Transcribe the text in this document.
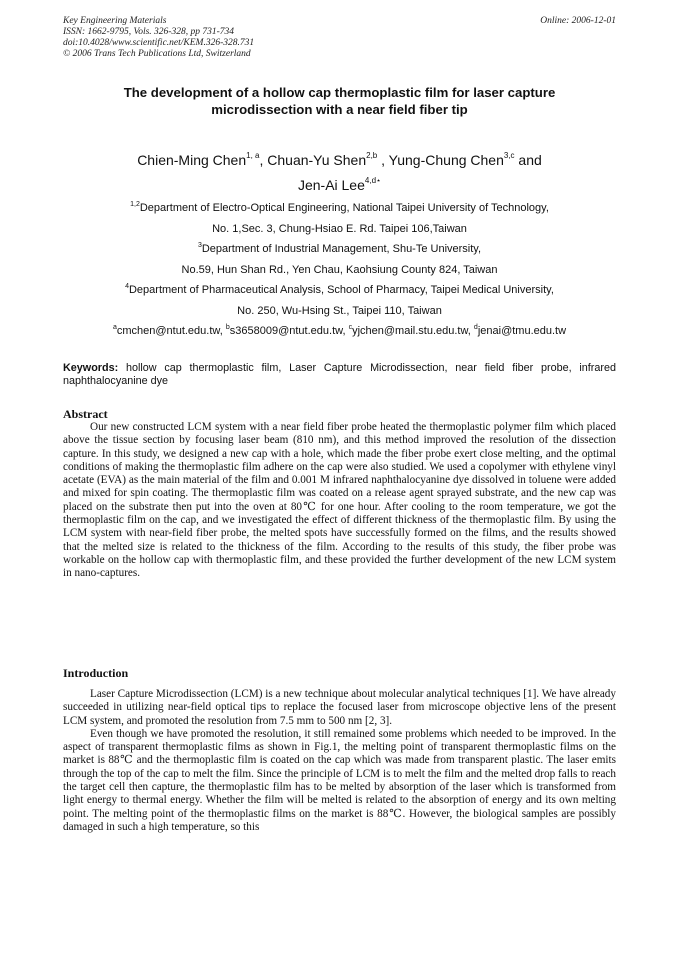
Key Engineering Materials
ISSN: 1662-9795, Vols. 326-328, pp 731-734
doi:10.4028/www.scientific.net/KEM.326-328.731
© 2006 Trans Tech Publications Ltd, Switzerland
Online: 2006-12-01
The development of a hollow cap thermoplastic film for laser capture
microdissection with a near field fiber tip
Chien-Ming Chen$^{1, a}$, Chuan-Yu Shen$^{2,b}$ , Yung-Chung Chen$^{3,c}$ and
Jen-Ai Lee$^{4,d⋆}$
$^{1,2}$Department of Electro-Optical Engineering, National Taipei University of Technology,
No. 1,Sec. 3, Chung-Hsiao E. Rd. Taipei 106,Taiwan
$^3$Department of Industrial Management, Shu-Te University,
No.59, Hun Shan Rd., Yen Chau, Kaohsiung County 824, Taiwan
$^4$Department of Pharmaceutical Analysis, School of Pharmacy, Taipei Medical University,
No. 250, Wu-Hsing St., Taipei 110, Taiwan
$^a$cmchen@ntut.edu.tw, $^b$s3658009@ntut.edu.tw, $^c$yjchen@mail.stu.edu.tw, $^d$jenai@tmu.edu.tw
Keywords: hollow cap thermoplastic film, Laser Capture Microdissection, near field fiber probe, infrared naphthalocyanine dye
Abstract

Our new constructed LCM system with a near field fiber probe heated the thermoplastic polymer film which placed above the tissue section by focusing laser beam (810 nm), and this method improved the resolution of the dissection capture. In this study, we designed a new cap with a hole, which made the fiber probe exert close melting, and the optimal conditions of making the thermoplastic film adhere on the cap were also studied. We used a copolymer with ethylene vinyl acetate (EVA) as the main material of the film and 0.001 M infrared naphthalocyanine dye dissolved in toluene were added and mixed for spin coating. The thermoplastic film was coated on a release agent sprayed substrate, and the new cap was placed on the substrate then put into the oven at 80℃ for one hour. After cooling to the room temperature, we got the thermoplastic film on the cap, and we investigated the effect of different thickness of the thermoplastic film. By using the LCM system with near-field fiber probe, the melted spots have successfully formed on the films, and the results showed that the melted size is related to the thickness of the film. According to the results of this study, the fiber probe was workable on the hollow cap with thermoplastic film, and these provided the further development of the new LCM system in nano-captures.

Introduction

Laser Capture Microdissection (LCM) is a new technique about molecular analytical techniques [1]. We have already succeeded in utilizing near-field optical tips to replace the focused laser from microscope objective lens of the present LCM system, and promoted the resolution from 7.5 mm to 500 nm [2, 3].

Even though we have promoted the resolution, it still remained some problems which needed to be improved. In the aspect of transparent thermoplastic films as shown in Fig.1, the melting point of transparent thermoplastic films on the market is 88℃ and the thermoplastic film is coated on the cap which was made from transparent plastic. The laser emits through the top of the cap to melt the film. Since the principle of LCM is to melt the film and the melted drop falls to reach the target cell then capture, the thermoplastic film has to be melted by absorption of the laser which is transformed from light energy to thermal energy. Whether the film will be melted is related to the absorption of energy and its own melting point. The melting point of the thermoplastic films on the market is 88℃. However, the biological samples are possibly damaged in such a high temperature, so this
